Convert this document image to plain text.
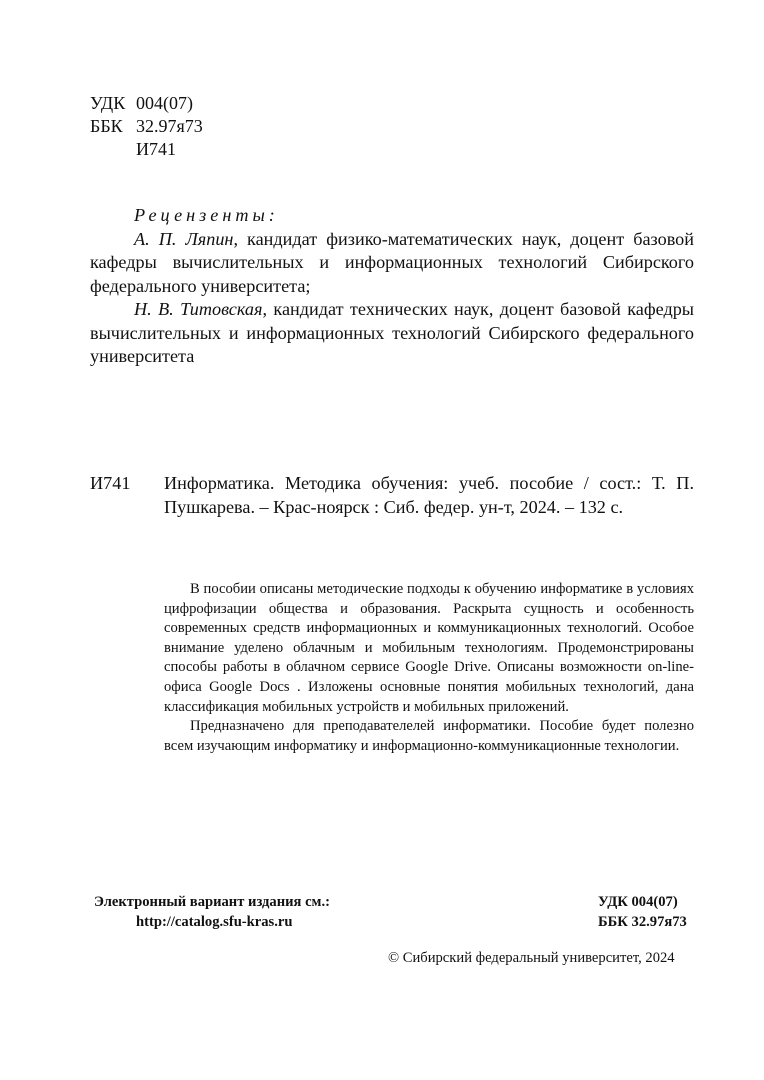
УДК 004(07)
ББК 32.97я73
И741
Рецензенты:

А. П. Ляпин, кандидат физико-математических наук, доцент базовой кафедры вычислительных и информационных технологий Сибирского федерального университета;

Н. В. Титовская, кандидат технических наук, доцент базовой кафедры вычислительных и информационных технологий Сибирского федерального университета

И741 Информатика. Методика обучения: учеб. пособие / сост.: Т. П. Пушкарева. – Крас-ноярск : Сиб. федер. ун-т, 2024. – 132 с.

В пособии описаны методические подходы к обучению информатике в условиях цифрофизации общества и образования. Раскрыта сущность и особенность современных средств информационных и коммуникационных технологий. Особое внимание уделено облачным и мобильным технологиям. Продемонстрированы способы работы в облачном сервисе Google Drive. Описаны возможности on-line-офиса Google Docs . Изложены основные понятия мобильных технологий, дана классификация мобильных устройств и мобильных приложений.

Предназначено для преподавателелей информатики. Пособие будет полезно всем изучающим информатику и информационно-коммуникационные технологии.

Электронный вариант издания см.:
http://catalog.sfu-kras.ru
УДК 004(07)
ББК 32.97я73
© Сибирский федеральный университет, 2024
